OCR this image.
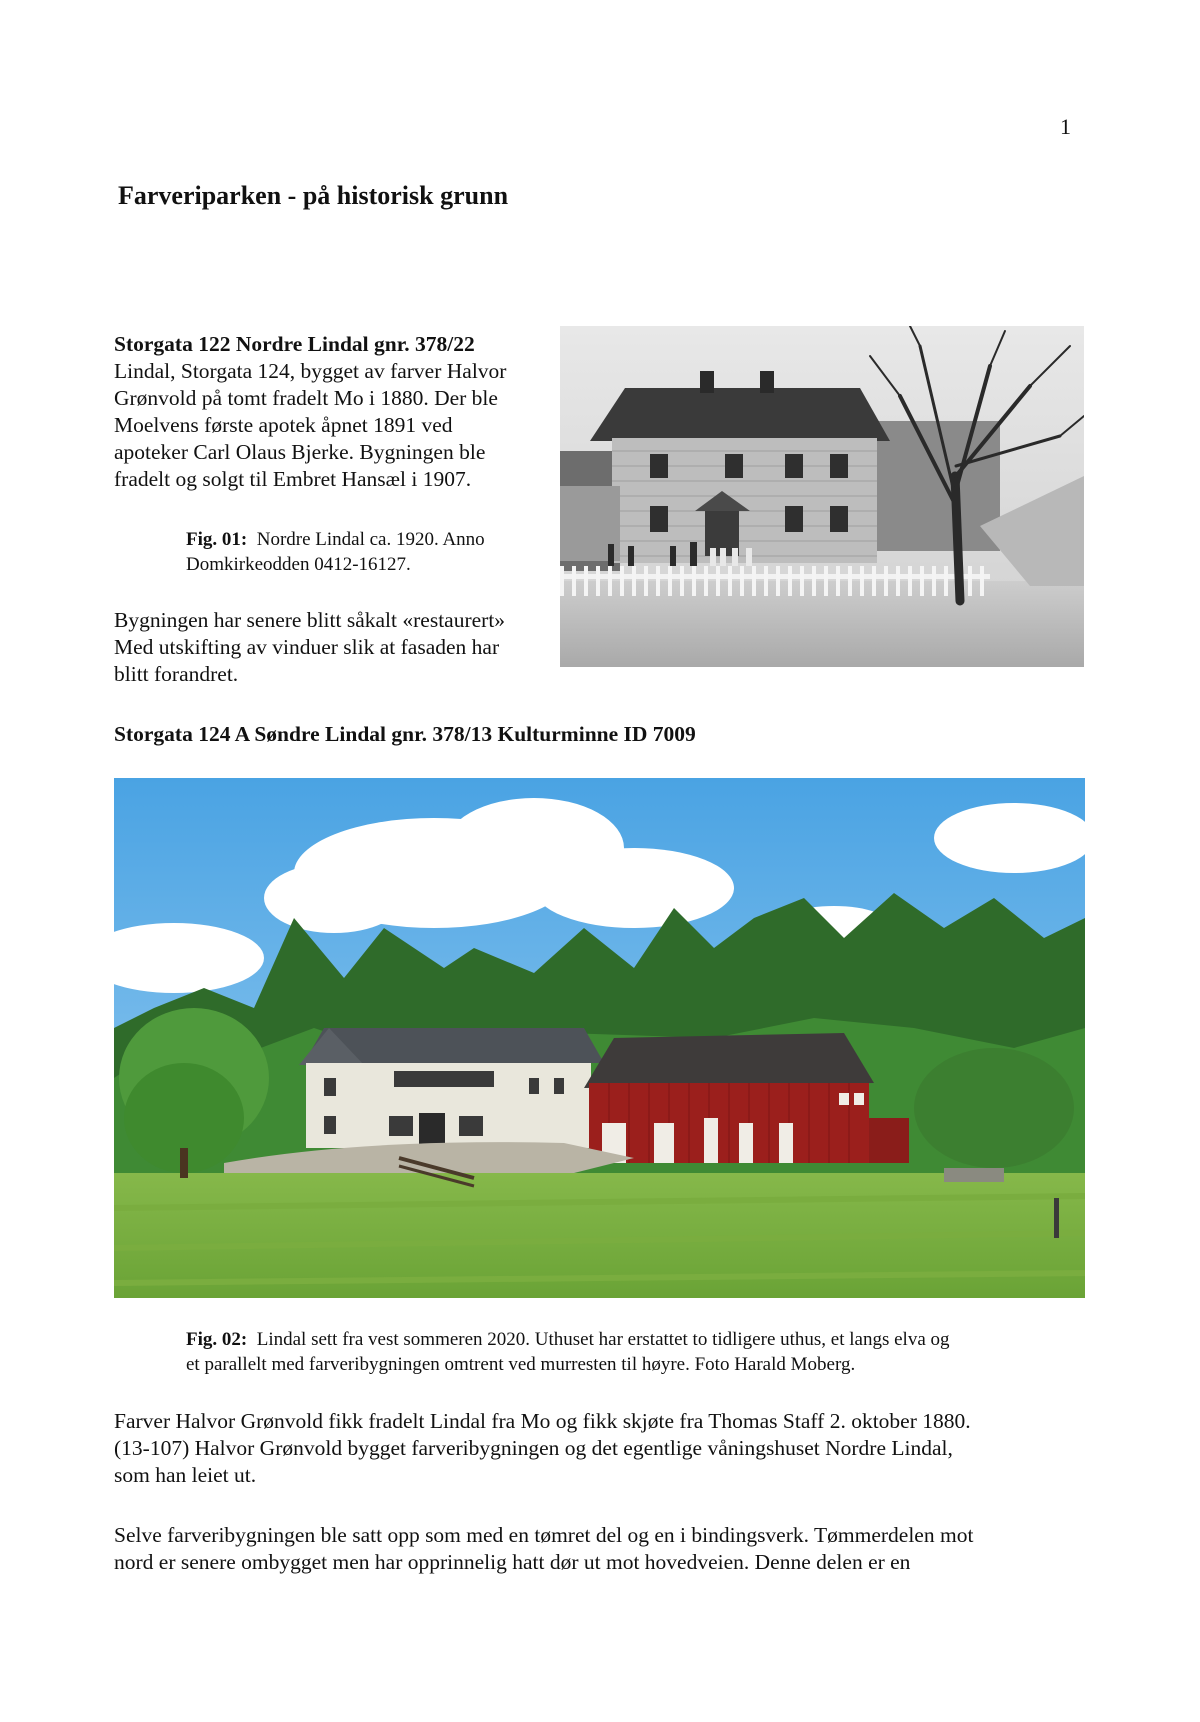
1
Farveriparken - på historisk grunn

Storgata 122 Nordre Lindal gnr. 378/22

Lindal, Storgata 124, bygget av farver Halvor

Grønvold på tomt fradelt Mo i 1880. Der ble

Moelvens første apotek åpnet 1891 ved

apoteker Carl Olaus Bjerke. Bygningen ble

fradelt og solgt til Embret Hansæl i 1907.

Fig. 01: Nordre Lindal ca. 1920. Anno
Domkirkeodden 0412-16127.

Bygningen har senere blitt såkalt «restaurert»
Med utskifting av vinduer slik at fasaden har
blitt forandret.

Storgata 124 A Søndre Lindal gnr. 378/13 Kulturminne ID 7009

Fig. 02: Lindal sett fra vest sommeren 2020. Uthuset har erstattet to tidligere uthus, et langs elva og
et parallelt med farveribygningen omtrent ved murresten til høyre. Foto Harald Moberg.

Farver Halvor Grønvold fikk fradelt Lindal fra Mo og fikk skjøte fra Thomas Staff 2. oktober 1880.
(13-107) Halvor Grønvold bygget farveribygningen og det egentlige våningshuset Nordre Lindal,
som han leiet ut.
Selve farveribygningen ble satt opp som med en tømret del og en i bindingsverk. Tømmerdelen mot
nord er senere ombygget men har opprinnelig hatt dør ut mot hovedveien. Denne delen er en
